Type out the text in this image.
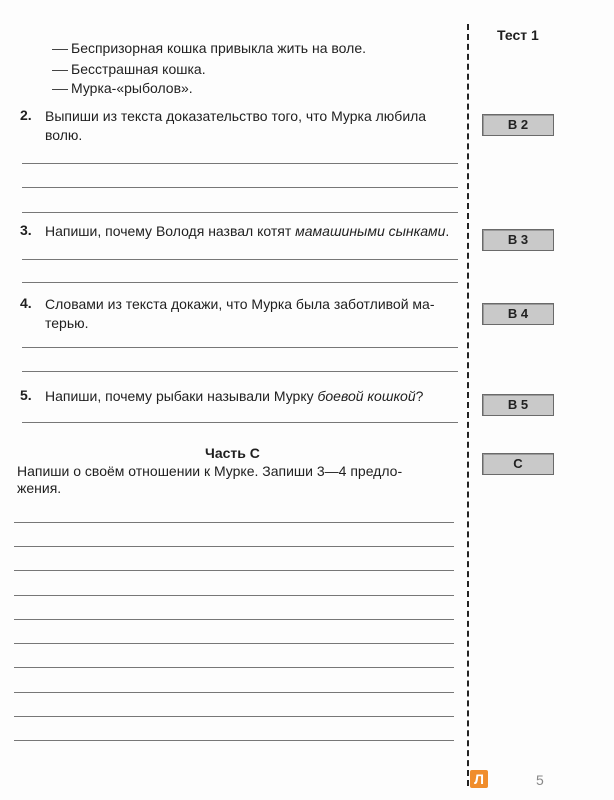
Беспризорная кошка привыкла жить на воле.
Бесстрашная кошка.
Мурка-«рыболов».
2. Выпиши из текста доказательство того, что Мурка любила
волю.
3. Напиши, почему Володя назвал котят мамашиными сынками.
4. Словами из текста докажи, что Мурка была заботливой ма-
терью.
5. Напиши, почему рыбаки называли Мурку боевой кошкой?
Часть С
Напиши о своём отношении к Мурке. Запиши 3—4 предло-
жения.
Тест 1
В 2
В 3
В 4
В 5
С
Л	5
